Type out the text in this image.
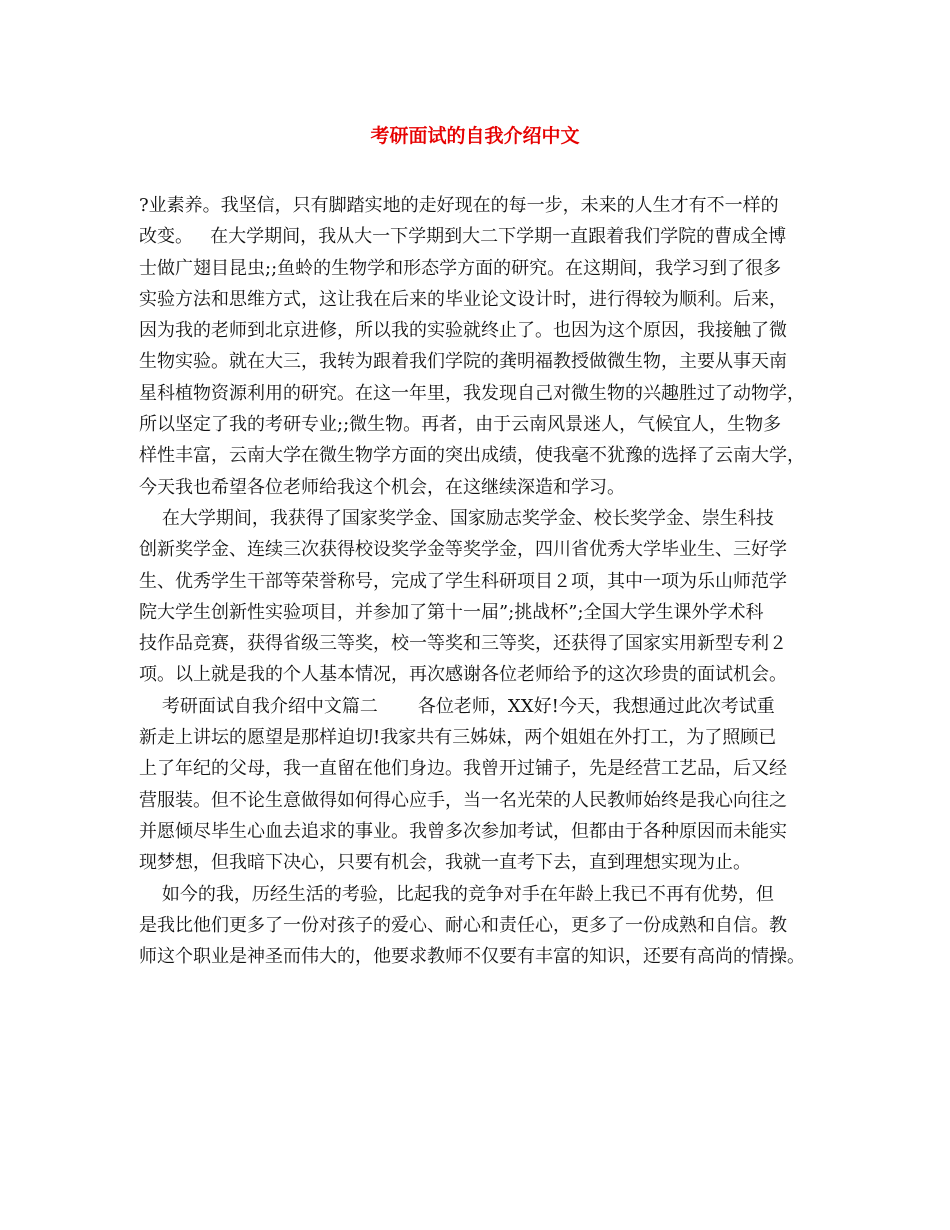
考研面试的自我介绍中文
?业素养。我坚信，只有脚踏实地的走好现在的每一步，未来的人生才有不一样的
改变。   在大学期间，我从大一下学期到大二下学期一直跟着我们学院的曹成全博
士做广翅目昆虫;;鱼蛉的生物学和形态学方面的研究。在这期间，我学习到了很多
实验方法和思维方式，这让我在后来的毕业论文设计时，进行得较为顺利。后来，
因为我的老师到北京进修，所以我的实验就终止了。也因为这个原因，我接触了微
生物实验。就在大三，我转为跟着我们学院的龚明福教授做微生物，主要从事天南
星科植物资源利用的研究。在这一年里，我发现自己对微生物的兴趣胜过了动物学，
所以坚定了我的考研专业;;微生物。再者，由于云南风景迷人，气候宜人，生物多
样性丰富，云南大学在微生物学方面的突出成绩，使我毫不犹豫的选择了云南大学，
今天我也希望各位老师给我这个机会，在这继续深造和学习。
在大学期间，我获得了国家奖学金、国家励志奖学金、校长奖学金、崇生科技
创新奖学金、连续三次获得校设奖学金等奖学金，四川省优秀大学毕业生、三好学
生、优秀学生干部等荣誉称号，完成了学生科研项目２项，其中一项为乐山师范学
院大学生创新性实验项目，并参加了第十一届”;挑战杯”;全国大学生课外学术科
技作品竞赛，获得省级三等奖，校一等奖和三等奖，还获得了国家实用新型专利２
项。以上就是我的个人基本情况，再次感谢各位老师给予的这次珍贵的面试机会。
考研面试自我介绍中文篇二       各位老师，XX好!今天，我想通过此次考试重
新走上讲坛的愿望是那样迫切!我家共有三姊妹，两个姐姐在外打工，为了照顾已
上了年纪的父母，我一直留在他们身边。我曾开过铺子，先是经营工艺品，后又经
营服装。但不论生意做得如何得心应手，当一名光荣的人民教师始终是我心向往之
并愿倾尽毕生心血去追求的事业。我曾多次参加考试，但都由于各种原因而未能实
现梦想，但我暗下决心，只要有机会，我就一直考下去，直到理想实现为止。
如今的我，历经生活的考验，比起我的竞争对手在年龄上我已不再有优势，但
是我比他们更多了一份对孩子的爱心、耐心和责任心，更多了一份成熟和自信。教
师这个职业是神圣而伟大的，他要求教师不仅要有丰富的知识，还要有高尚的情操。
